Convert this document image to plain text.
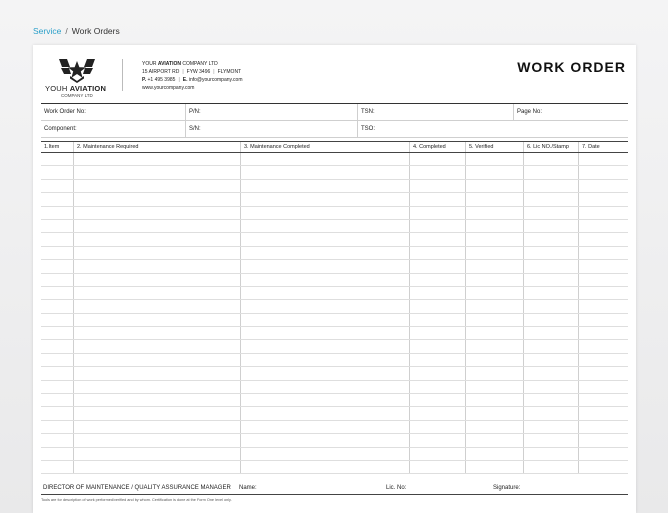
Service / Work Orders
YOUH AVIATION
COMPANY LTD
YOUR AVIATION COMPANY LTD
15 AIRPORT RD | FYW 3496 | FLYMONT
P. +1 495 3985 | E. info@yourcompany.com
www.yourcompany.com
WORK ORDER
Work Order No:	P/N:	TSN:	Page No:
Component:	S/N:	TSO:
1.Item	2. Maintenance Required	3. Maintenance Completed	4. Completed	5. Verified	6. Lic NO./Stamp	7. Date
DIRECTOR OF MAINTENANCE / QUALITY ASSURANCE MANAGER Name:	Lic. No:	Signature:
Tools are for description of work performed/verified and by whom. Certification is done at the Form One level only.
